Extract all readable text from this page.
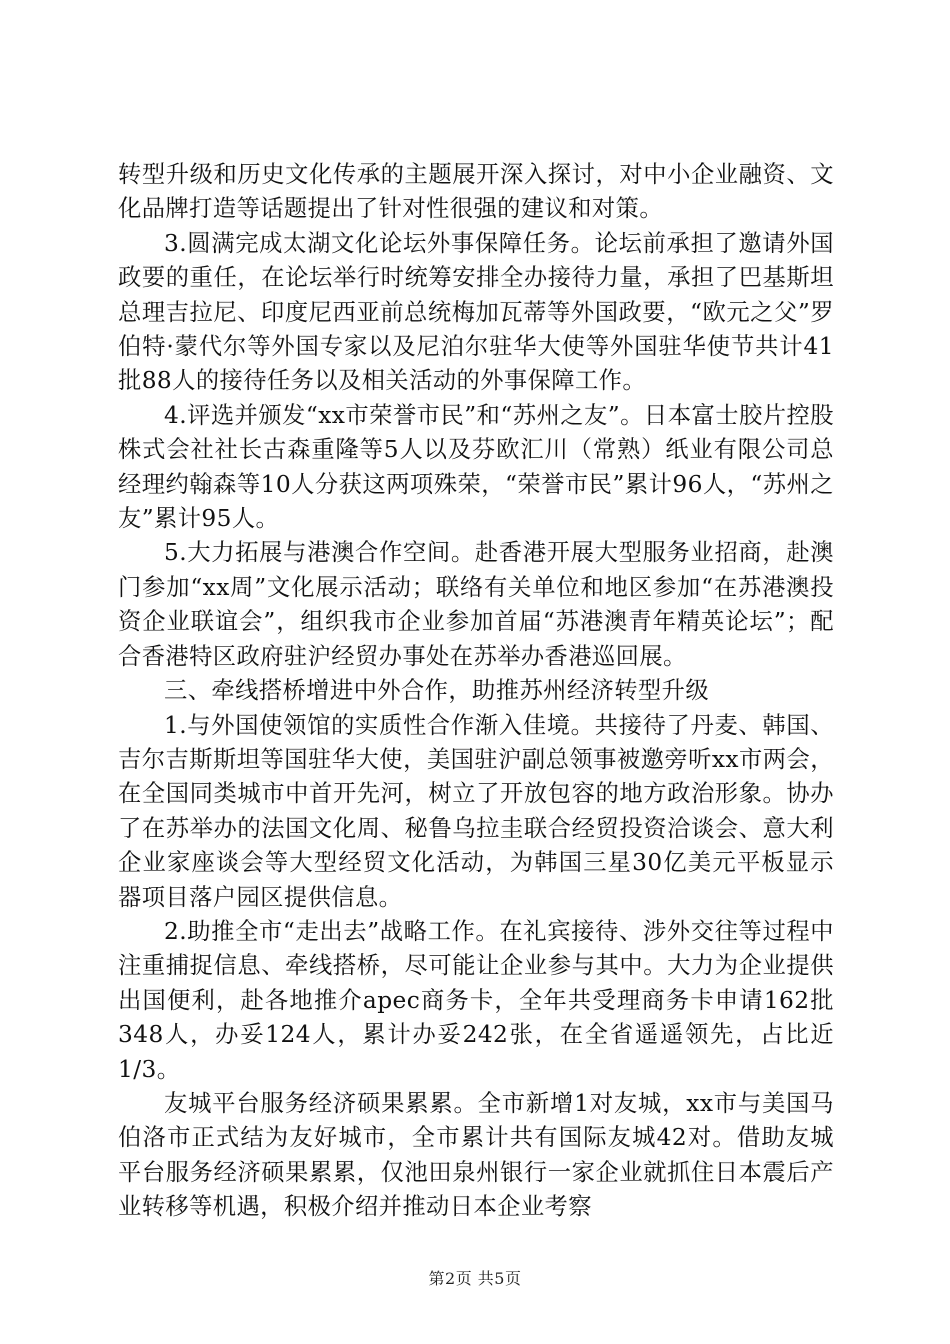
转型升级和历史文化传承的主题展开深入探讨，对中小企业融资、文化品牌打造等话题提出了针对性很强的建议和对策。

3.圆满完成太湖文化论坛外事保障任务。论坛前承担了邀请外国政要的重任，在论坛举行时统筹安排全办接待力量，承担了巴基斯坦总理吉拉尼、印度尼西亚前总统梅加瓦蒂等外国政要，“欧元之父”罗伯特·蒙代尔等外国专家以及尼泊尔驻华大使等外国驻华使节共计41批88人的接待任务以及相关活动的外事保障工作。

4.评选并颁发“xx市荣誉市民”和“苏州之友”。日本富士胶片控股株式会社社长古森重隆等5人以及芬欧汇川（常熟）纸业有限公司总经理约翰森等10人分获这两项殊荣，“荣誉市民”累计96人，“苏州之友”累计95人。

5.大力拓展与港澳合作空间。赴香港开展大型服务业招商，赴澳门参加“xx周”文化展示活动；联络有关单位和地区参加“在苏港澳投资企业联谊会”，组织我市企业参加首届“苏港澳青年精英论坛”；配合香港特区政府驻沪经贸办事处在苏举办香港巡回展。

三、牵线搭桥增进中外合作，助推苏州经济转型升级

1.与外国使领馆的实质性合作渐入佳境。共接待了丹麦、韩国、吉尔吉斯斯坦等国驻华大使，美国驻沪副总领事被邀旁听xx市两会，在全国同类城市中首开先河，树立了开放包容的地方政治形象。协办了在苏举办的法国文化周、秘鲁乌拉圭联合经贸投资洽谈会、意大利企业家座谈会等大型经贸文化活动，为韩国三星30亿美元平板显示器项目落户园区提供信息。

2.助推全市“走出去”战略工作。在礼宾接待、涉外交往等过程中注重捕捉信息、牵线搭桥，尽可能让企业参与其中。大力为企业提供出国便利，赴各地推介apec商务卡，全年共受理商务卡申请162批348人，办妥124人，累计办妥242张，在全省遥遥领先，占比近1/3。

友城平台服务经济硕果累累。全市新增1对友城，xx市与美国马伯洛市正式结为友好城市，全市累计共有国际友城42对。借助友城平台服务经济硕果累累，仅池田泉州银行一家企业就抓住日本震后产业转移等机遇，积极介绍并推动日本企业考察

第2页 共5页
